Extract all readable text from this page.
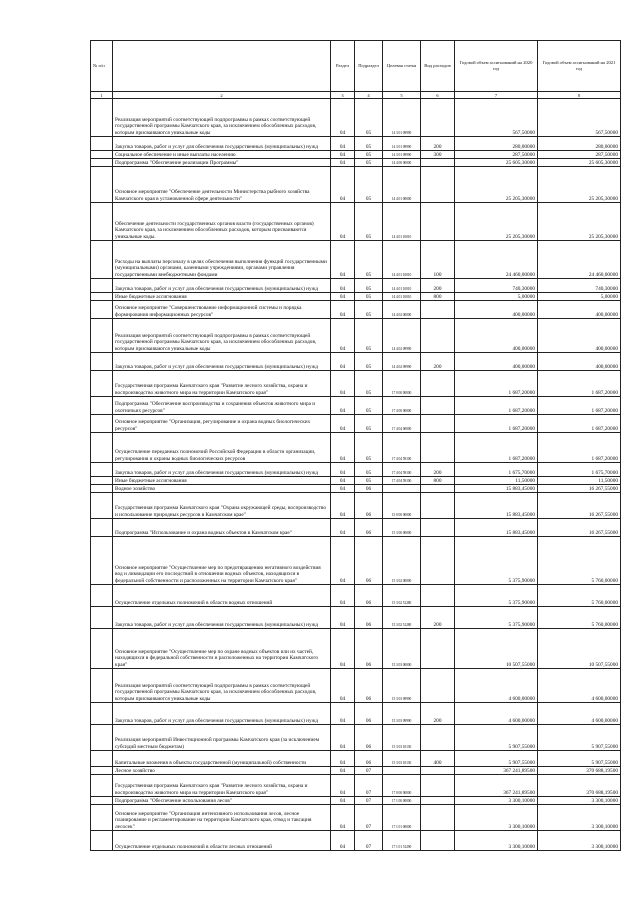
№ п/п		Раздел	Подраздел	Целевая статья	Вид расходов	Годовой объем ассигнований на 2020 год	Годовой объем ассигнований на 2021 год
1	2	3	4	5	6	7	8
	Реализация мероприятий соответствующей подпрограммы в рамках соответствующей государственной программы Камчатского края, за исключением обособленных расходов, которым присваиваются уникальные коды	04	05	14 3 01 09990		567,50000	567,50000
	Закупка товаров, работ и услуг для обеспечения государственных (муниципальных) нужд	04	05	14 3 01 09990	200	280,00000	280,00000
	Социальное обеспечение и иные выплаты населению	04	05	14 3 01 09990	300	287,50000	287,50000
	Подпрограмма "Обеспечение реализации Программы"	04	05	14 4 00 00000		25 605,30000	25 605,30000
	Основное мероприятие "Обеспечение деятельности Министерства рыбного хозяйства Камчатского края в установленной сфере деятельности"	04	05	14 4 01 00000		25 205,30000	25 205,30000
	Обеспечение деятельности государственных органов власти (государственных органов) Камчатского края, за исключением обособленных расходов, которым присваиваются уникальные коды.	04	05	14 4 01 10010		25 205,30000	25 205,30000
	Расходы на выплаты персоналу в целях обеспечения выполнения функций государственными (муниципальными) органами, казенными учреждениями, органами управления государственными внебюджетными фондами	04	05	14 4 01 10010	100	24 460,00000	24 460,00000
	Закупка товаров, работ и услуг для обеспечения государственных (муниципальных) нужд	04	05	14 4 01 10010	200	740,30000	740,30000
	Иные бюджетные ассигнования	04	05	14 4 01 10010	800	5,00000	5,00000
	Основное мероприятие "Совершенствование информационной системы и порядка формирования информационных ресурсов"	04	05	14 4 02 00000		400,00000	400,00000
	Реализация мероприятий соответствующей подпрограммы в рамках соответствующей государственной программы Камчатского края, за исключением обособленных расходов, которым присваиваются уникальные коды	04	05	14 4 02 09990		400,00000	400,00000
	Закупка товаров, работ и услуг для обеспечения государственных (муниципальных) нужд	04	05	14 4 02 09990	200	400,00000	400,00000
	Государственная программа Камчатского края "Развитие лесного хозяйства, охрана и воспроизводство животного мира на территории Камчатского края"	04	05	17 0 00 00000		1 687,20000	1 687,20000
	Подпрограмма "Обеспечение воспроизводства и сохранения объектов животного мира и охотничьих ресурсов"	04	05	17 4 00 00000		1 687,20000	1 687,20000
	Основное мероприятие "Организация, регулирование и охрана водных биологических ресурсов"	04	05	17 4 04 00000		1 687,20000	1 687,20000
	Осуществление переданных полномочий Российской Федерации в области организации, регулирования и охраны водных биологических ресурсов	04	05	17 4 04 59100		1 687,20000	1 687,20000
	Закупка товаров, работ и услуг для обеспечения государственных (муниципальных) нужд	04	05	17 4 04 59100	200	1 675,70000	1 675,70000
	Иные бюджетные ассигнования	04	05	17 4 04 59100	800	11,50000	11,50000
	Водное хозяйство	04	06			15 883,45000	16 267,55000
	Государственная программа Камчатского края "Охрана окружающей среды, воспроизводство и использование природных ресурсов в Камчатском крае"	04	06	15 0 00 00000		15 883,45000	16 267,55000
	Подпрограмма "Использование и охрана водных объектов в Камчатском крае"	04	06	15 3 00 00000		15 883,45000	16 267,55000
	Основное мероприятие "Осуществление мер по предотвращению негативного воздействия вод и ликвидации его последствий в отношении водных объектов, находящихся в федеральной собственности и расположенных на территории Камчатского края"	04	06	15 3 02 00000		5 375,90000	5 760,00000
	Осуществление отдельных полномочий в области водных отношений	04	06	15 3 02 51280		5 375,90000	5 760,00000
	Закупка товаров, работ и услуг для обеспечения государственных (муниципальных) нужд	04	06	15 3 02 51280	200	5 375,90000	5 760,00000
	Основное мероприятие "Осуществление мер по охране водных объектов или их частей, находящихся в федеральной собственности и расположенных на территории Камчатского края"	04	06	15 3 03 00000		10 507,55000	10 507,55000
	Реализация мероприятий соответствующей подпрограммы в рамках соответствующей государственной программы Камчатского края, за исключением обособленных расходов, которым присваиваются уникальные коды	04	06	15 3 03 09990		4 600,00000	4 600,00000
	Закупка товаров, работ и услуг для обеспечения государственных (муниципальных) нужд	04	06	15 3 03 09990	200	4 600,00000	4 600,00000
	Реализация мероприятий Инвестиционной программы Камчатского края (за исключением субсидий местным бюджетам)	04	06	15 3 03 10130		5 907,55000	5 907,55000
	Капитальные вложения в объекты государственной (муниципальной) собственности	04	06	15 3 03 10130	400	5 907,55000	5 907,55000
	Лесное хозяйство	04	07			367 241,89500	370 688,19500
	Государственная программа Камчатского края "Развитие лесного хозяйства, охрана и воспроизводство животного мира на территории Камчатского края"	04	07	17 0 00 00000		367 241,89500	370 688,19500
	Подпрограмма "Обеспечение использования лесов"	04	07	17 1 00 00000		3 300,10000	3 300,10000
	Основное мероприятие "Организация интенсивного использования лесов, лесное планирование и регламентирование на территории Камчатского края, отвод и таксация лесосек"	04	07	17 1 01 00000		3 300,10000	3 300,10000
	Осуществление отдельных полномочий в области лесных отношений	04	07	17 1 01 51290		3 300,10000	3 300,10000
